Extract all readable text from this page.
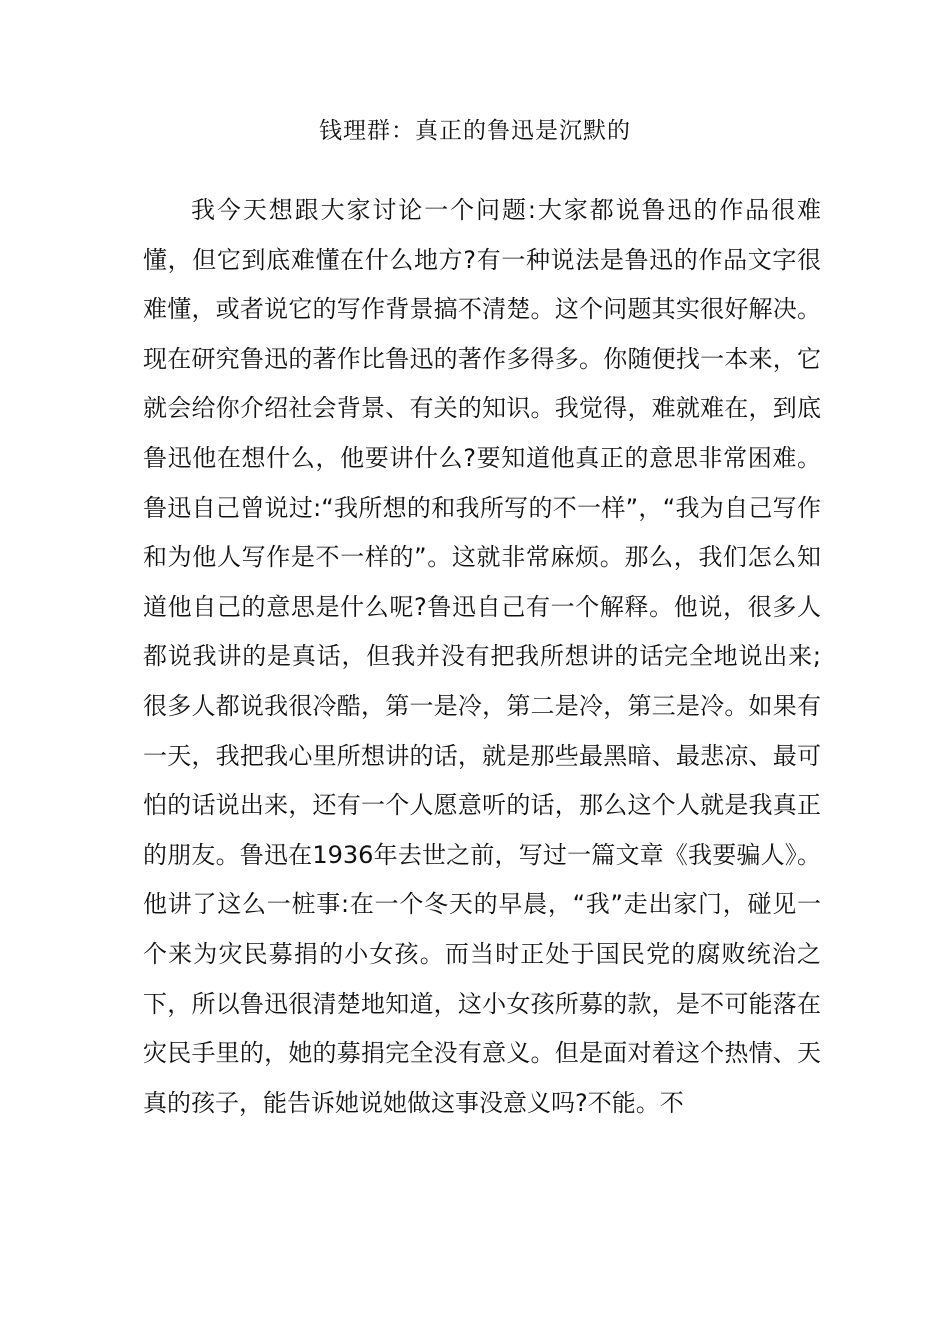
钱理群：真正的鲁迅是沉默的

我今天想跟大家讨论一个问题:大家都说鲁迅的作品很难懂，但它到底难懂在什么地方?有一种说法是鲁迅的作品文字很难懂，或者说它的写作背景搞不清楚。这个问题其实很好解决。现在研究鲁迅的著作比鲁迅的著作多得多。你随便找一本来，它就会给你介绍社会背景、有关的知识。我觉得，难就难在，到底鲁迅他在想什么，他要讲什么?要知道他真正的意思非常困难。鲁迅自己曾说过:“我所想的和我所写的不一样”，“我为自己写作和为他人写作是不一样的”。这就非常麻烦。那么，我们怎么知道他自己的意思是什么呢?鲁迅自己有一个解释。他说，很多人都说我讲的是真话，但我并没有把我所想讲的话完全地说出来;很多人都说我很冷酷，第一是冷，第二是冷，第三是冷。如果有一天，我把我心里所想讲的话，就是那些最黑暗、最悲凉、最可怕的话说出来，还有一个人愿意听的话，那么这个人就是我真正的朋友。鲁迅在1936年去世之前，写过一篇文章《我要骗人》。他讲了这么一桩事:在一个冬天的早晨，“我”走出家门，碰见一个来为灾民募捐的小女孩。而当时正处于国民党的腐败统治之下，所以鲁迅很清楚地知道，这小女孩所募的款，是不可能落在灾民手里的，她的募捐完全没有意义。但是面对着这个热情、天真的孩子，能告诉她说她做这事没意义吗?不能。不
